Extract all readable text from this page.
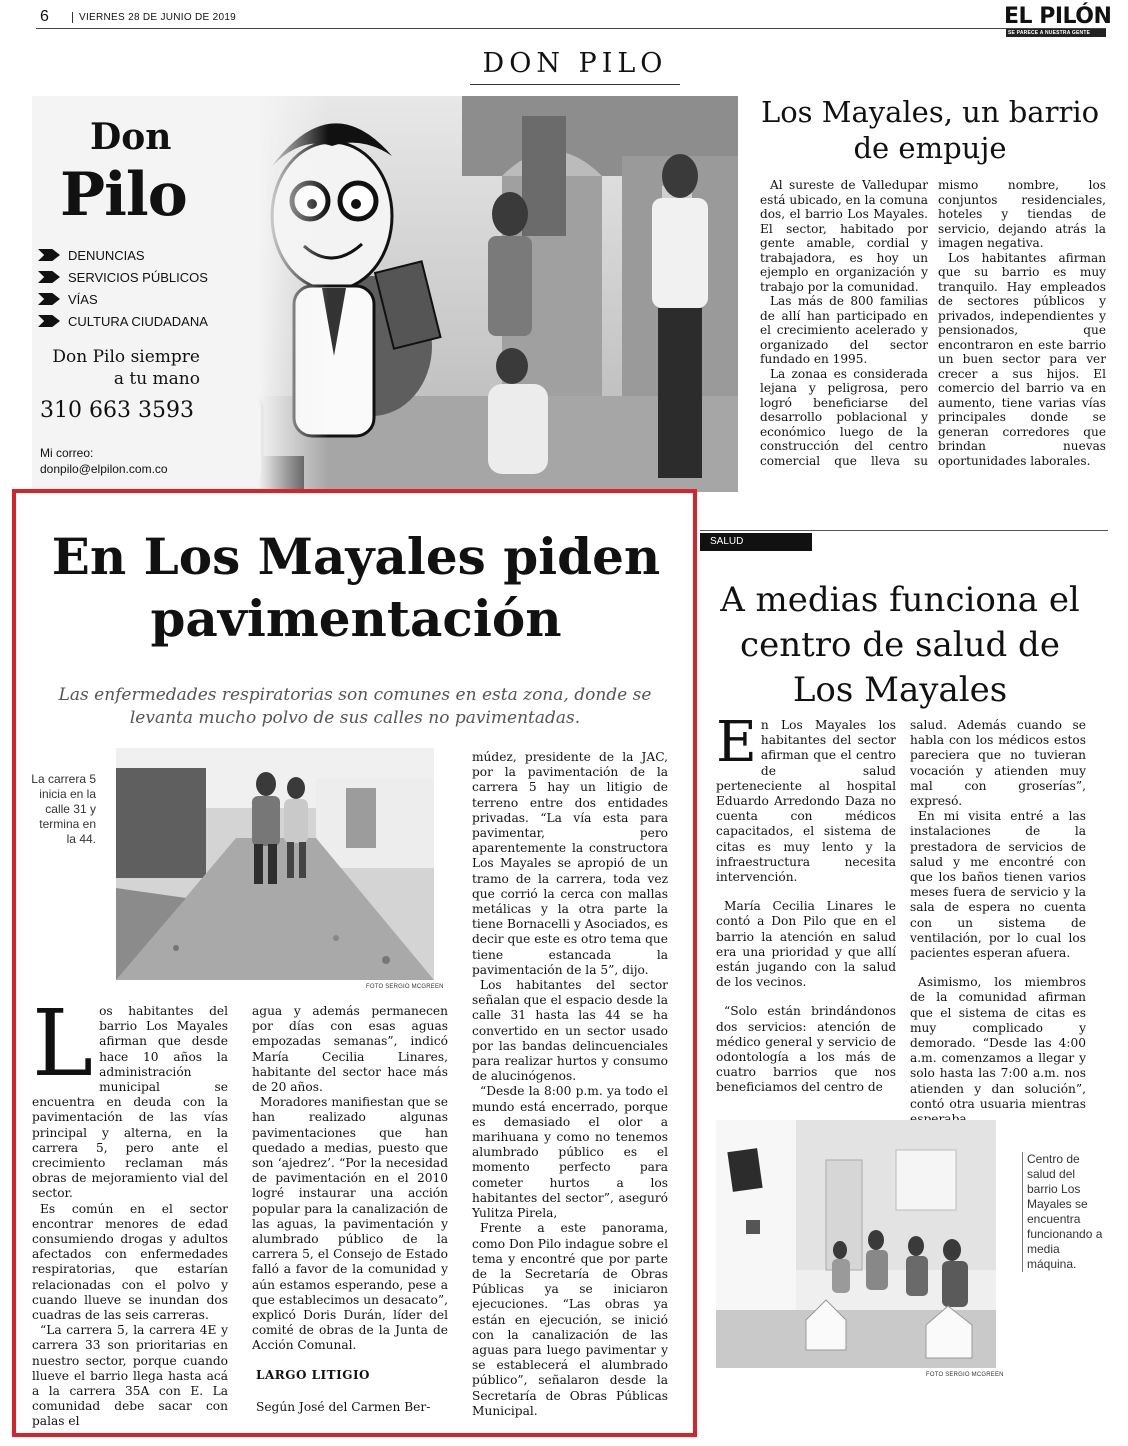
6	VIERNES 28 DE JUNIO DE 2019	EL PILÓN
SE PARECE A NUESTRA GENTE
DON PILO
Don
Pilo
DENUNCIAS
SERVICIOS PÚBLICOS
VÍAS
CULTURA CIUDADANA
Don Pilo siempre a tu mano
310 663 3593
Mi correo:
donpilo@elpilon.com.co
Los Mayales, un barrio de empuje

Al sureste de Valledupar está ubicado, en la comuna dos, el barrio Los Mayales. El sector, habitado por gente amable, cordial y trabajadora, es hoy un ejemplo en organización y trabajo por la comunidad.

Las más de 800 familias de allí han participado en el crecimiento acelerado y organizado del sector fundado en 1995.

La zonaa es considerada lejana y peligrosa, pero logró beneficiarse del desarrollo poblacional y económico luego de la construcción del centro comercial que lleva su mismo nombre, los conjuntos residenciales, hoteles y tiendas de servicio, dejando atrás la imagen negativa.

Los habitantes afirman que su barrio es muy tranquilo. Hay empleados de sectores públicos y privados, independientes y pensionados, que encontraron en este barrio un buen sector para ver crecer a sus hijos. El comercio del barrio va en aumento, tiene varias vías principales donde se generan corredores que brindan nuevas oportunidades laborales.

En Los Mayales piden pavimentación
Las enfermedades respiratorias son comunes en esta zona, donde se levanta mucho polvo de sus calles no pavimentadas.
La carrera 5 inicia en la calle 31 y termina en la 44.
FOTO SERGIO MCGREEN
L os habitantes del barrio Los Mayales afirman que desde hace 10 años la administración municipal se encuentra en deuda con la pavimentación de las vías principal y alterna, en la carrera 5, pero ante el crecimiento reclaman más obras de mejoramiento vial del sector.

Es común en el sector encontrar menores de edad consumiendo drogas y adultos afectados con enfermedades respiratorias, que estarían relacionadas con el polvo y cuando llueve se inundan dos cuadras de las seis carreras.

“La carrera 5, la carrera 4E y carrera 33 son prioritarias en nuestro sector, porque cuando llueve el barrio llega hasta acá a la carrera 35A con E. La comunidad debe sacar con palas el

agua y además permanecen por días con esas aguas empozadas semanas”, indicó María Cecilia Linares, habitante del sector hace más de 20 años.

Moradores manifiestan que se han realizado algunas pavimentaciones que han quedado a medias, puesto que son ‘ajedrez’. “Por la necesidad de pavimentación en el 2010 logré instaurar una acción popular para la canalización de las aguas, la pavimentación y alumbrado público de la carrera 5, el Consejo de Estado falló a favor de la comunidad y aún estamos esperando, pese a que establecimos un desacato”, explicó Doris Durán, líder del comité de obras de la Junta de Acción Comunal.

LARGO LITIGIO
Según José del Carmen Ber-

múdez, presidente de la JAC, por la pavimentación de la carrera 5 hay un litigio de terreno entre dos entidades privadas. “La vía esta para pavimentar, pero aparentemente la constructora Los Mayales se apropió de un tramo de la carrera, toda vez que corrió la cerca con mallas metálicas y la otra parte la tiene Bornacelli y Asociados, es decir que este es otro tema que tiene estancada la pavimentación de la 5”, dijo.

Los habitantes del sector señalan que el espacio desde la calle 31 hasta las 44 se ha convertido en un sector usado por las bandas delincuenciales para realizar hurtos y consumo de alucinógenos.

“Desde la 8:00 p.m. ya todo el mundo está encerrado, porque es demasiado el olor a marihuana y como no tenemos alumbrado público es el momento perfecto para cometer hurtos a los habitantes del sector”, aseguró Yulitza Pirela,

Frente a este panorama, como Don Pilo indague sobre el tema y encontré que por parte de la Secretaría de Obras Públicas ya se iniciaron ejecuciones. “Las obras ya están en ejecución, se inició con la canalización de las aguas para luego pavimentar y se establecerá el alumbrado público”, señalaron desde la Secretaría de Obras Públicas Municipal.

SALUD
A medias funciona el centro de salud de Los Mayales
E n Los Mayales los habitantes del sector afirman que el centro de salud perteneciente al hospital Eduardo Arredondo Daza no cuenta con médicos capacitados, el sistema de citas es muy lento y la infraestructura necesita intervención.

María Cecilia Linares le contó a Don Pilo que en el barrio la atención en salud era una prioridad y que allí están jugando con la salud de los vecinos.

“Solo están brindándonos dos servicios: atención de médico general y servicio de odontología a los más de cuatro barrios que nos beneficiamos del centro de

salud. Además cuando se habla con los médicos estos pareciera que no tuvieran vocación y atienden muy mal con groserías”, expresó.

En mi visita entré a las instalaciones de la prestadora de servicios de salud y me encontré con que los baños tienen varios meses fuera de servicio y la sala de espera no cuenta con un sistema de ventilación, por lo cual los pacientes esperan afuera.

Asimismo, los miembros de la comunidad afirman que el sistema de citas es muy complicado y demorado. “Desde las 4:00 a.m. comenzamos a llegar y solo hasta las 7:00 a.m. nos atienden y dan solución”, contó otra usuaria mientras

Centro de salud del barrio Los Mayales se encuentra funcionando a media máquina.
FOTO SERGIO MCGREEN
